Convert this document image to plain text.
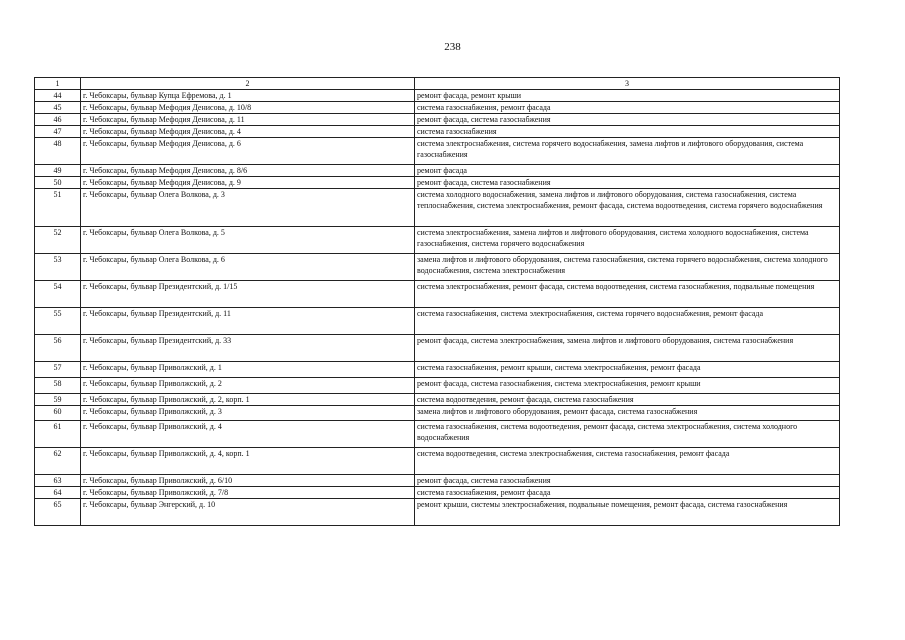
238
1	2	3
44	г. Чебоксары, бульвар Купца Ефремова, д. 1	ремонт фасада, ремонт крыши
45	г. Чебоксары, бульвар Мефодия Денисова, д. 10/8	система газоснабжения, ремонт фасада
46	г. Чебоксары, бульвар Мефодия Денисова, д. 11	ремонт фасада, система газоснабжения
47	г. Чебоксары, бульвар Мефодия Денисова, д. 4	система газоснабжения
48	г. Чебоксары, бульвар Мефодия Денисова, д. 6	система электроснабжения, система горячего водоснабжения, замена лифтов и лифтового оборудования, система газоснабжения
49	г. Чебоксары, бульвар Мефодия Денисова, д. 8/6	ремонт фасада
50	г. Чебоксары, бульвар Мефодия Денисова, д. 9	ремонт фасада, система газоснабжения
51	г. Чебоксары, бульвар Олега Волкова, д. 3	система холодного водоснабжения, замена лифтов и лифтового оборудования, система газоснабжения, система теплоснабжения, система электроснабжения, ремонт фасада, система водоотведения, система горячего водоснабжения
52	г. Чебоксары, бульвар Олега Волкова, д. 5	система электроснабжения, замена лифтов и лифтового оборудования, система холодного водоснабжения, система газоснабжения, система горячего водоснабжения
53	г. Чебоксары, бульвар Олега Волкова, д. 6	замена лифтов и лифтового оборудования, система газоснабжения, система горячего водоснабжения, система холодного водоснабжения, система электроснабжения
54	г. Чебоксары, бульвар Президентский, д. 1/15	система электроснабжения, ремонт фасада, система водоотведения, система газоснабжения, подвальные помещения
55	г. Чебоксары, бульвар Президентский, д. 11	система газоснабжения, система электроснабжения, система горячего водоснабжения, ремонт фасада
56	г. Чебоксары, бульвар Президентский, д. 33	ремонт фасада, система электроснабжения, замена лифтов и лифтового оборудования, система газоснабжения
57	г. Чебоксары, бульвар Приволжский, д. 1	система газоснабжения, ремонт крыши, система электроснабжения, ремонт фасада
58	г. Чебоксары, бульвар Приволжский, д. 2	ремонт фасада, система газоснабжения, система электроснабжения, ремонт крыши
59	г. Чебоксары, бульвар Приволжский, д. 2, корп. 1	система водоотведения, ремонт фасада, система газоснабжения
60	г. Чебоксары, бульвар Приволжский, д. 3	замена лифтов и лифтового оборудования, ремонт фасада, система газоснабжения
61	г. Чебоксары, бульвар Приволжский, д. 4	система газоснабжения, система водоотведения, ремонт фасада, система электроснабжения, система холодного водоснабжения
62	г. Чебоксары, бульвар Приволжский, д. 4, корп. 1	система водоотведения, система электроснабжения, система газоснабжения, ремонт фасада
63	г. Чебоксары, бульвар Приволжский, д. 6/10	ремонт фасада, система газоснабжения
64	г. Чебоксары, бульвар Приволжский, д. 7/8	система газоснабжения, ремонт фасада
65	г. Чебоксары, бульвар Энгерский, д. 10	ремонт крыши, системы электроснабжения, подвальные помещения, ремонт фасада, система газоснабжения
